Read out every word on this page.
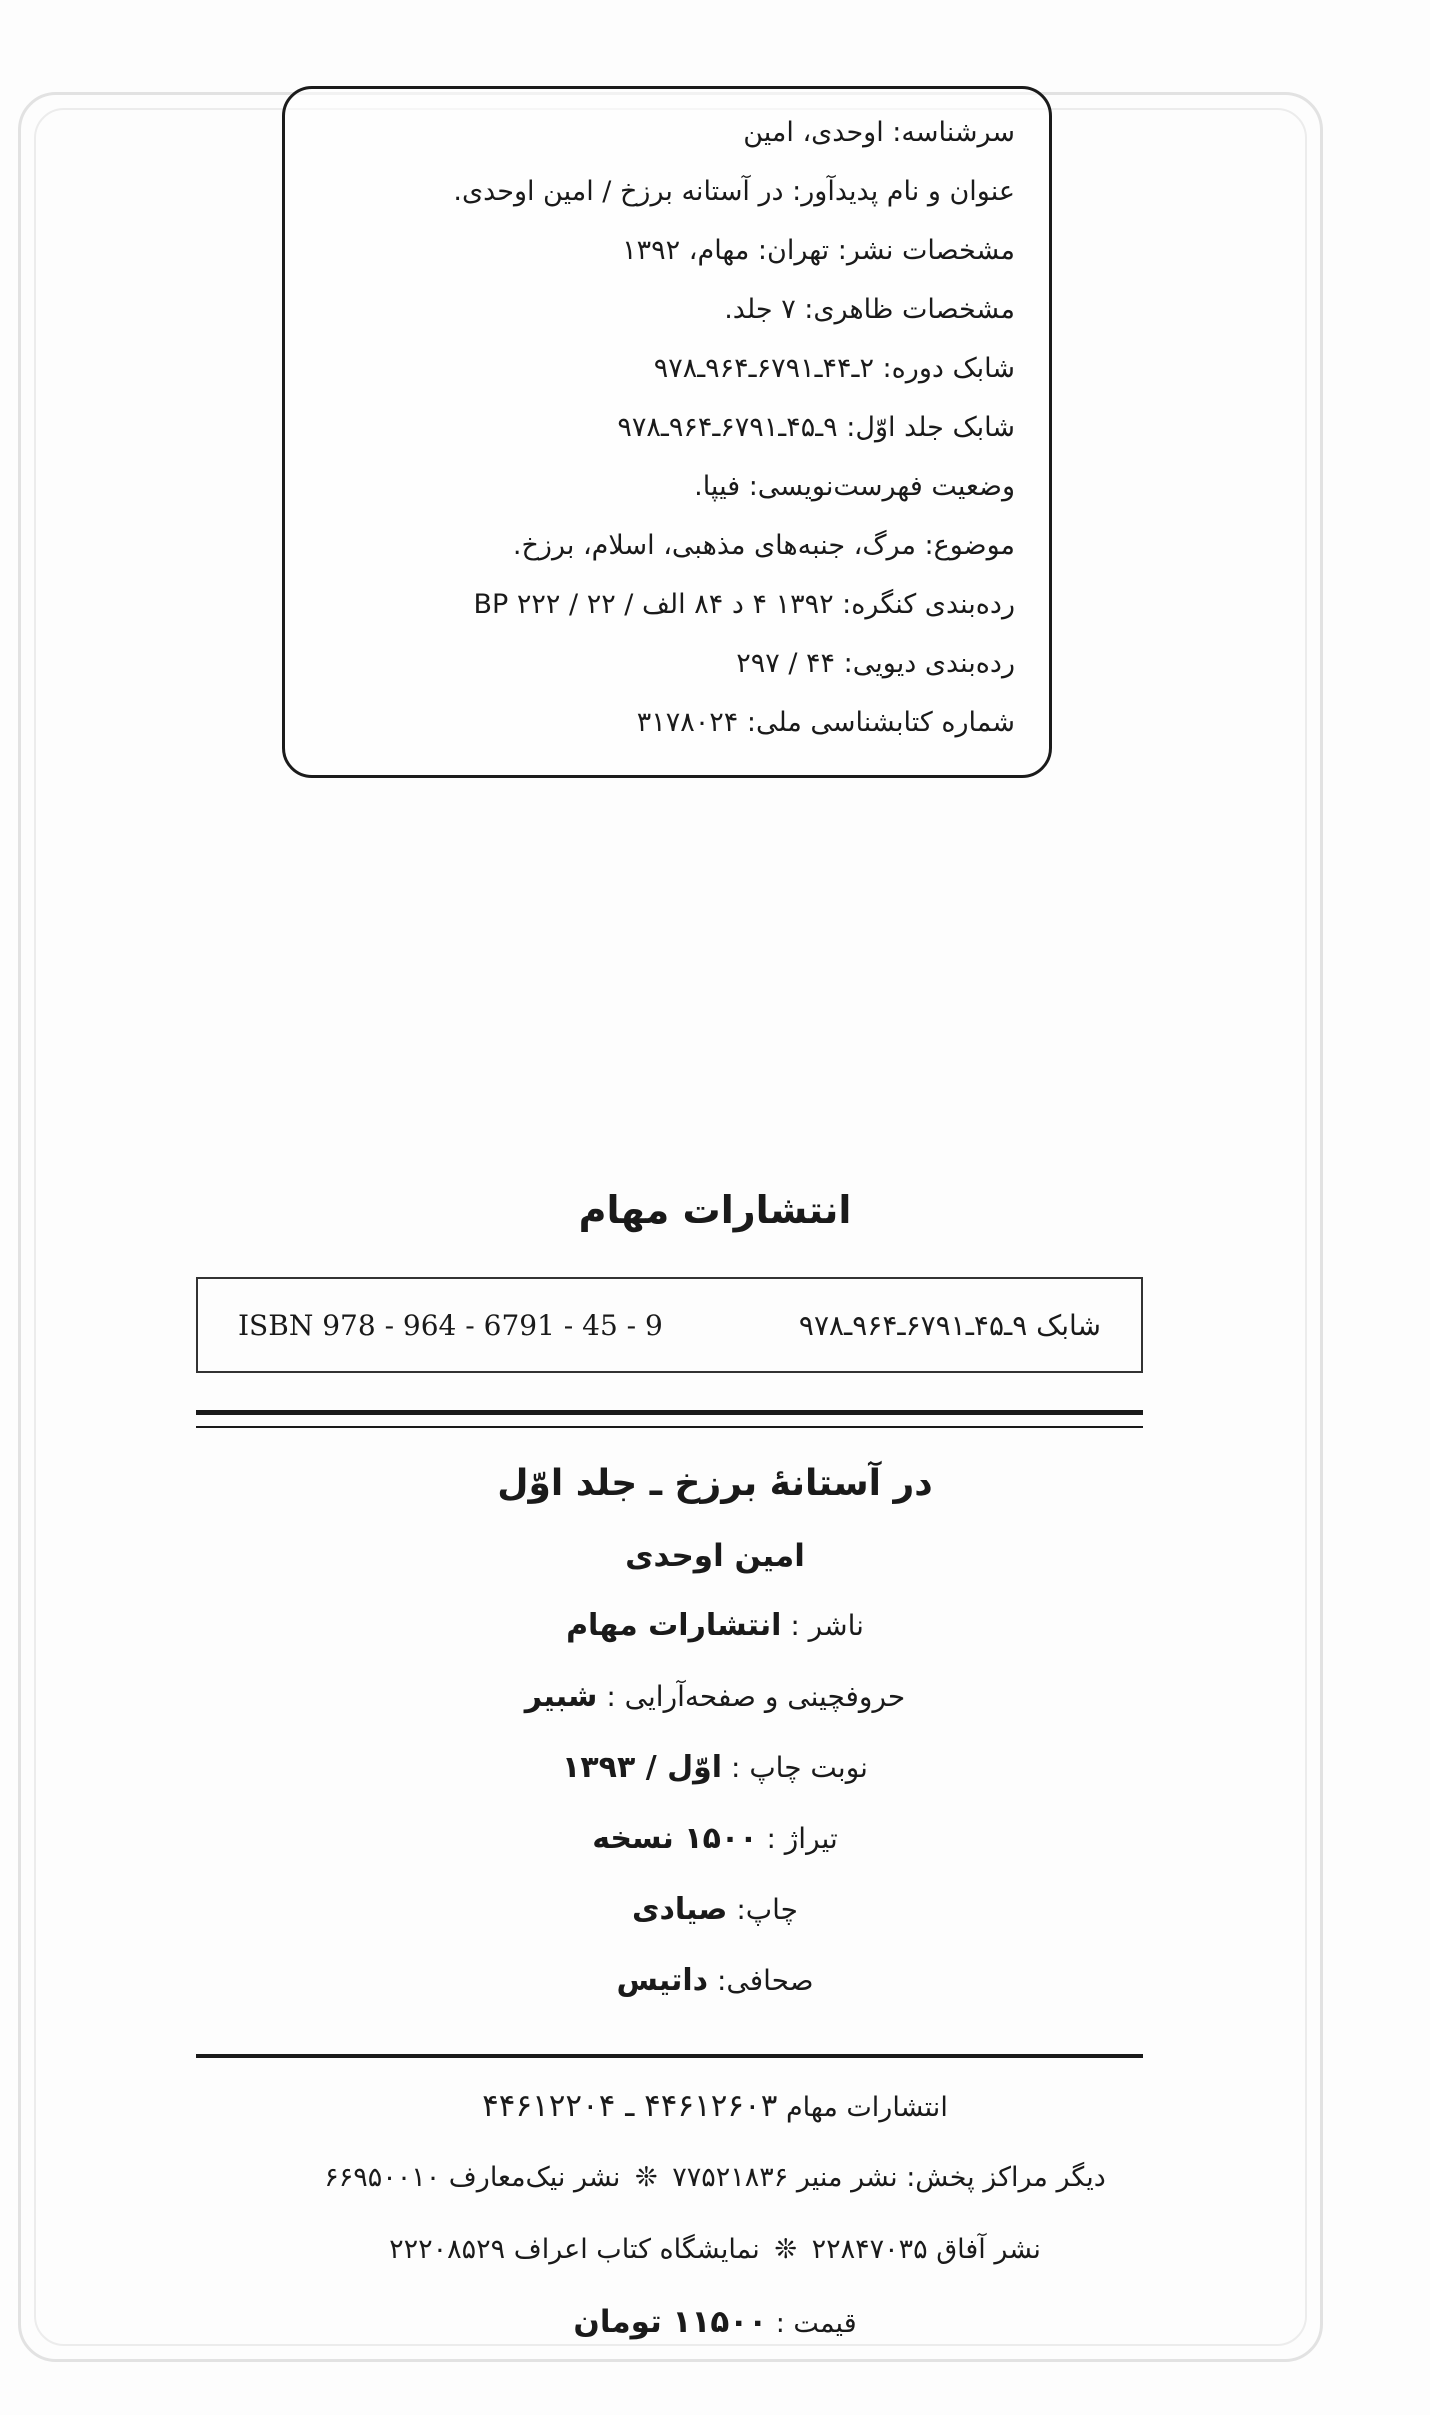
سرشناسه: اوحدی، امین
عنوان و نام پدیدآور: در آستانه برزخ / امین اوحدی.
مشخصات نشر: تهران: مهام، ۱۳۹۲
مشخصات ظاهری: ۷ جلد.
شابک دوره: ۲ـ۴۴ـ۶۷۹۱ـ۹۶۴ـ۹۷۸
شابک جلد اوّل: ۹ـ۴۵ـ۶۷۹۱ـ۹۶۴ـ۹۷۸
وضعیت فهرست‌نویسی: فیپا.
موضوع: مرگ، جنبه‌های مذهبی، اسلام، برزخ.
رده‌بندی کنگره: ۱۳۹۲ ۴ د ۸۴ الف / ۲۲ / BP ۲۲۲
رده‌بندی دیویی: ۴۴ / ۲۹۷
شماره کتابشناسی ملی: ۳۱۷۸۰۲۴
انتشارات مهام
ISBN 978 - 964 - 6791 - 45 - 9	شابک ۹ـ۴۵ـ۶۷۹۱ـ۹۶۴ـ۹۷۸
در آستانهٔ برزخ ـ جلد اوّل
امین اوحدی
ناشر : انتشارات مهام
حروفچینی و صفحه‌آرایی : شبیر
نوبت چاپ : اوّل / ۱۳۹۳
تیراژ : ۱۵۰۰ نسخه
چاپ: صیادی
صحافی: داتیس
انتشارات مهام ۴۴۶۱۲۶۰۳ ـ ۴۴۶۱۲۲۰۴
دیگر مراکز پخش: نشر منیر ۷۷۵۲۱۸۳۶ ❊ نشر نیک‌معارف ۶۶۹۵۰۰۱۰
نشر آفاق ۲۲۸۴۷۰۳۵ ❊ نمایشگاه کتاب اعراف ۲۲۲۰۸۵۲۹
قیمت : ۱۱۵۰۰ تومان
